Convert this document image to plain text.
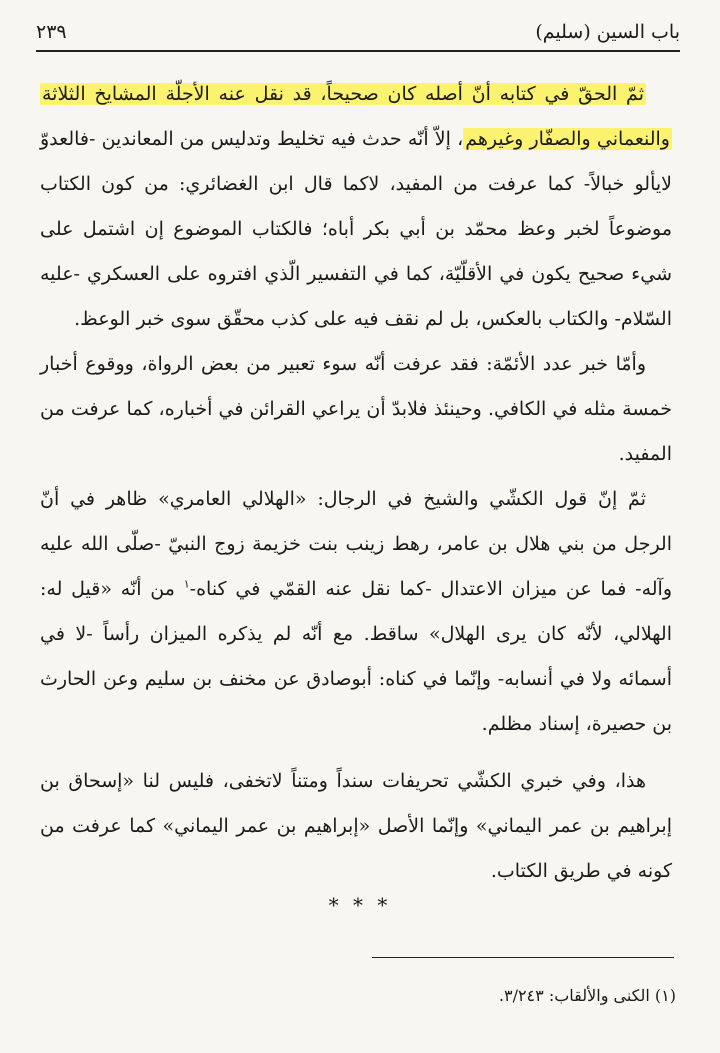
باب السين (سليم)
٢٣٩

ثمّ الحقّ في كتابه أنّ أصله كان صحيحاً، قد نقل عنه الأجلّة المشايخ الثلاثة والنعماني والصفّار وغيرهم، إلاّ أنّه حدث فيه تخليط وتدليس من المعاندين -فالعدوّ لايألو خبالاً- كما عرفت من المفيد، لاكما قال ابن الغضائري: من كون الكتاب موضوعاً لخبر وعظ محمّد بن أبي بكر أباه؛ فالكتاب الموضوع إن اشتمل على شيء صحيح يكون في الأقلّيّة، كما في التفسير الّذي افتروه على العسكري -عليه السّلام- والكتاب بالعكس، بل لم نقف فيه على كذب محقّق سوى خبر الوعظ.

وأمّا خبر عدد الأئمّة: فقد عرفت أنّه سوء تعبير من بعض الرواة، ووقوع أخبار خمسة مثله في الكافي. وحينئذ فلابدّ أن يراعي القرائن في أخباره، كما عرفت من المفيد.

ثمّ إنّ قول الكشّي والشيخ في الرجال: «الهلالي العامري» ظاهر في أنّ الرجل من بني هلال بن عامر، رهط زينب بنت خزيمة زوج النبيّ -صلّى الله عليه وآله- فما عن ميزان الاعتدال -كما نقل عنه القمّي في كناه-$^١$ من أنّه «قيل له: الهلالي، لأنّه كان يرى الهلال» ساقط. مع أنّه لم يذكره الميزان رأساً -لا في أسمائه ولا في أنسابه- وإنّما في كناه: أبوصادق عن مخنف بن سليم وعن الحارث بن حصيرة، إسناد مظلم.

هذا، وفي خبري الكشّي تحريفات سنداً ومتناً لاتخفى، فليس لنا «إسحاق بن إبراهيم بن عمر اليماني» وإنّما الأصل «إبراهيم بن عمر اليماني» كما عرفت من كونه في طريق الكتاب.

* * *
(١) الكنى والألقاب: ٣/٢٤٣.
